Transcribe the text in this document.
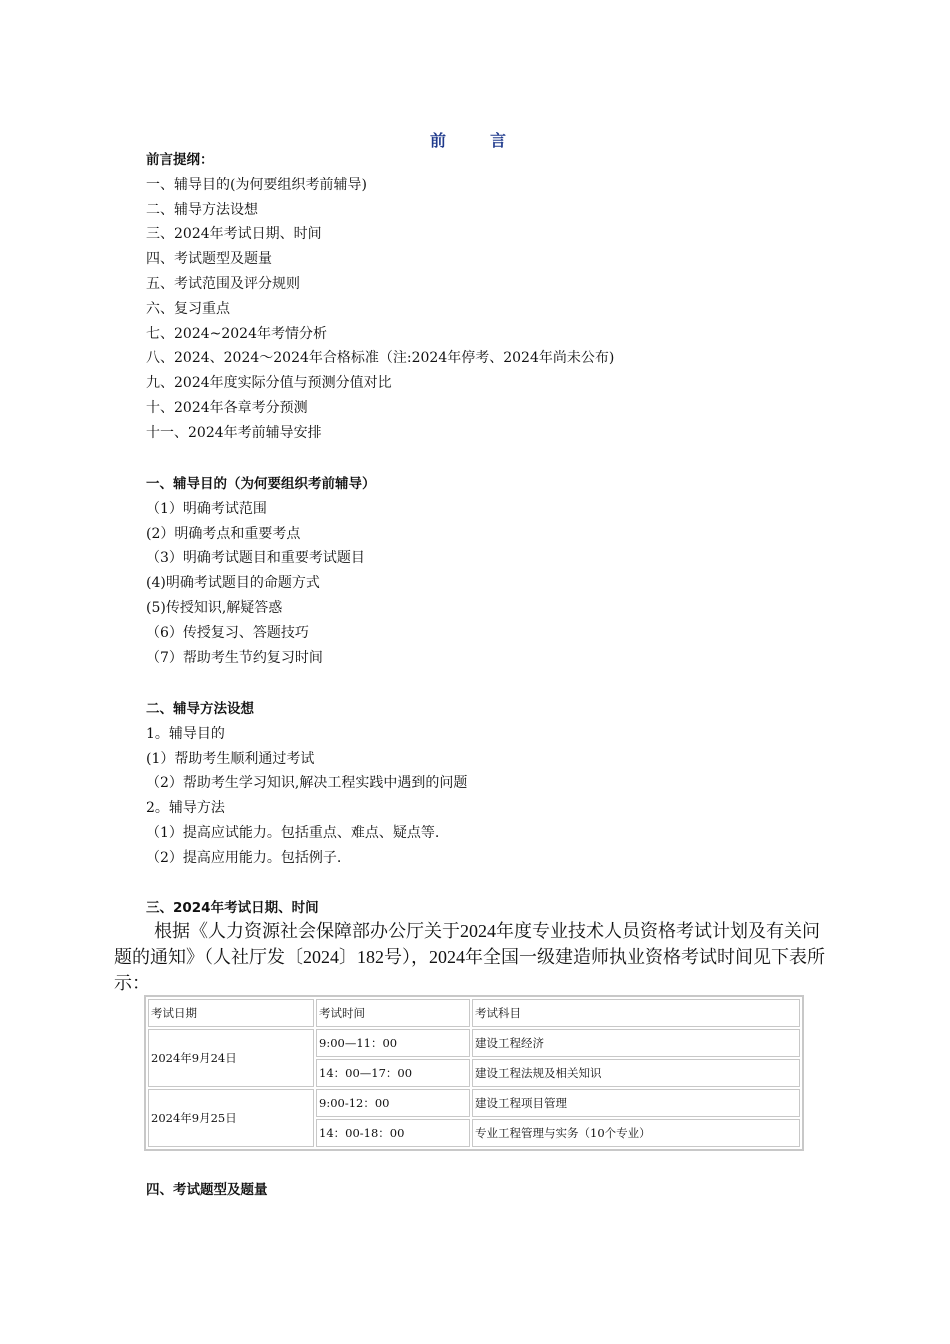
前　言
前言提纲：
一、辅导目的(为何要组织考前辅导)
二、辅导方法设想
三、2024年考试日期、时间
四、考试题型及题量
五、考试范围及评分规则
六、复习重点
七、2024~2024年考情分析
八、2024、2024～2024年合格标准（注:2024年停考、2024年尚未公布)
九、2024年度实际分值与预测分值对比
十、2024年各章考分预测
十一、2024年考前辅导安排
一、辅导目的（为何要组织考前辅导）
（1）明确考试范围
(2）明确考点和重要考点
（3）明确考试题目和重要考试题目
(4)明确考试题目的命题方式
(5)传授知识,解疑答惑
（6）传授复习、答题技巧
（7）帮助考生节约复习时间
二、辅导方法设想
1。辅导目的
(1）帮助考生顺利通过考试
（2）帮助考生学习知识,解决工程实践中遇到的问题
2。辅导方法
（1）提高应试能力。包括重点、难点、疑点等.
（2）提高应用能力。包括例子.
三、2024年考试日期、时间
根据《人力资源社会保障部办公厅关于2024年度专业技术人员资格考试计划及有关问题的通知》（人社厅发〔2024〕182号），2024年全国一级建造师执业资格考试时间见下表所示：
考试日期	考试时间	考试科目
2024年9月24日	9:00—11：00	建设工程经济
	14：00—17：00	建设工程法规及相关知识
2024年9月25日	9:00-12：00	建设工程项目管理
	14：00-18：00	专业工程管理与实务（10个专业）
四、考试题型及题量
